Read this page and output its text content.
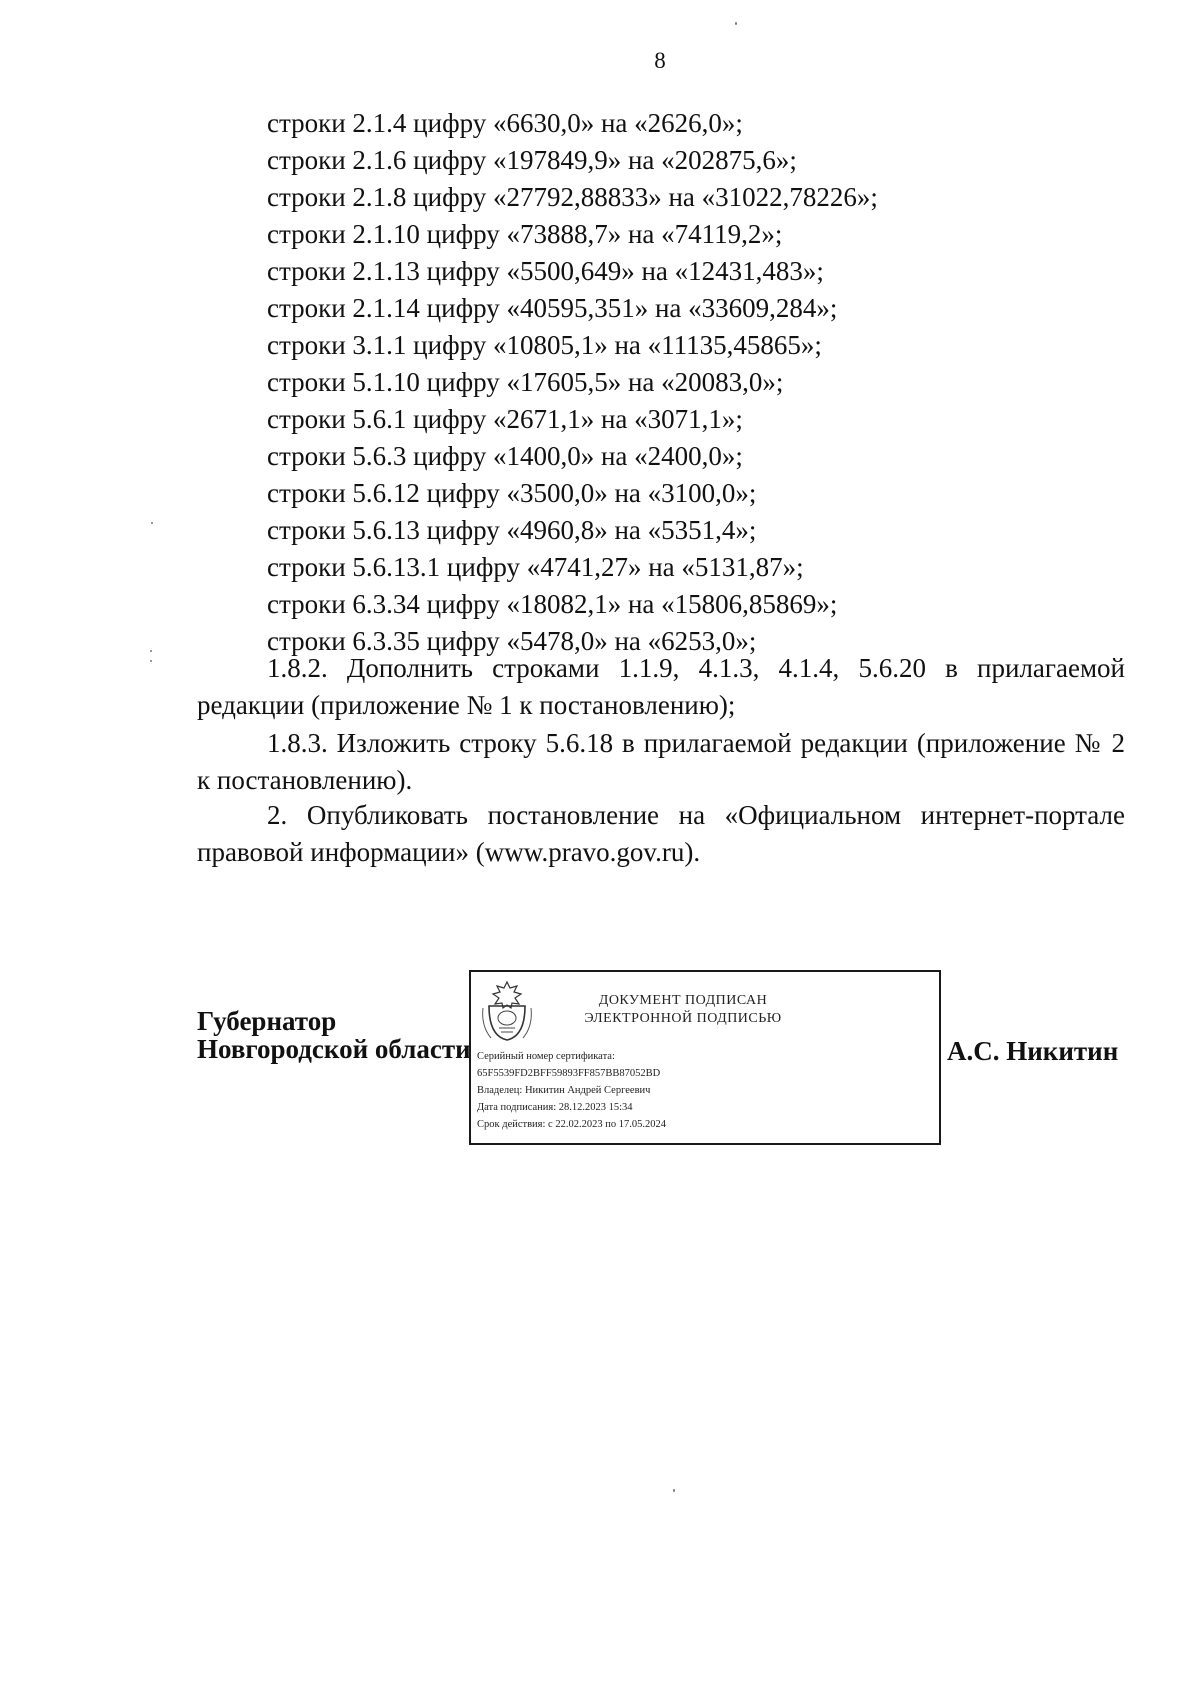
8
строки 2.1.4 цифру «6630,0» на «2626,0»;
строки 2.1.6 цифру «197849,9» на «202875,6»;
строки 2.1.8 цифру «27792,88833» на «31022,78226»;
строки 2.1.10 цифру «73888,7» на «74119,2»;
строки 2.1.13 цифру «5500,649» на «12431,483»;
строки 2.1.14 цифру «40595,351» на «33609,284»;
строки 3.1.1 цифру «10805,1» на «11135,45865»;
строки 5.1.10 цифру «17605,5» на «20083,0»;
строки 5.6.1 цифру «2671,1» на «3071,1»;
строки 5.6.3 цифру «1400,0» на «2400,0»;
строки 5.6.12 цифру «3500,0» на «3100,0»;
строки 5.6.13 цифру «4960,8» на «5351,4»;
строки 5.6.13.1 цифру «4741,27» на «5131,87»;
строки 6.3.34 цифру «18082,1» на «15806,85869»;
строки 6.3.35 цифру «5478,0» на «6253,0»;
1.8.2. Дополнить строками 1.1.9, 4.1.3, 4.1.4, 5.6.20 в прилагаемой
редакции (приложение № 1 к постановлению);
1.8.3. Изложить строку 5.6.18 в прилагаемой редакции (приложение № 2
к постановлению).
2. Опубликовать постановление на «Официальном интернет-портале
правовой информации» (www.pravo.gov.ru).
Губернатор
Новгородской области
ДОКУМЕНТ ПОДПИСАН
ЭЛЕКТРОННОЙ ПОДПИСЬЮ
Серийный номер сертификата:
65F5539FD2BFF59893FF857BB87052BD
Владелец: Никитин Андрей Сергеевич
Дата подписания: 28.12.2023 15:34
Срок действия: с 22.02.2023 по 17.05.2024
А.С. Никитин
